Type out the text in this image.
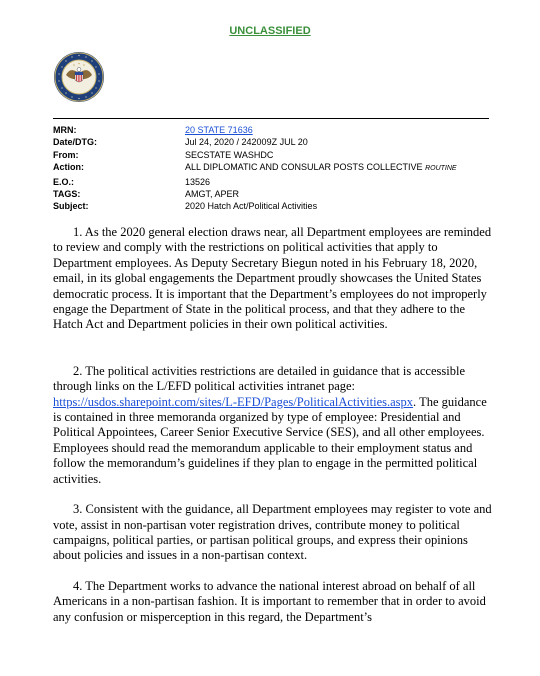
UNCLASSIFIED
MRN:	20 STATE 71636
Date/DTG:	Jul 24, 2020 / 242009Z JUL 20
From:	SECSTATE WASHDC
Action:	ALL DIPLOMATIC AND CONSULAR POSTS COLLECTIVE ROUTINE
E.O.:	13526
TAGS:	AMGT, APER
Subject:	2020 Hatch Act/Political Activities

1. As the 2020 general election draws near, all Department employees are reminded to review and comply with the restrictions on political activities that apply to Department employees. As Deputy Secretary Biegun noted in his February 18, 2020, email, in its global engagements the Department proudly showcases the United States democratic process. It is important that the Department’s employees do not improperly engage the Department of State in the political process, and that they adhere to the Hatch Act and Department policies in their own political activities.

2. The political activities restrictions are detailed in guidance that is accessible through links on the L/EFD political activities intranet page: https://usdos.sharepoint.com/sites/L-EFD/Pages/PoliticalActivities.aspx. The guidance is contained in three memoranda organized by type of employee: Presidential and Political Appointees, Career Senior Executive Service (SES), and all other employees. Employees should read the memorandum applicable to their employment status and follow the memorandum’s guidelines if they plan to engage in the permitted political activities.

3. Consistent with the guidance, all Department employees may register to vote and vote, assist in non-partisan voter registration drives, contribute money to political campaigns, political parties, or partisan political groups, and express their opinions about policies and issues in a non-partisan context.

4. The Department works to advance the national interest abroad on behalf of all Americans in a non-partisan fashion. It is important to remember that in order to avoid any confusion or misperception in this regard, the Department’s
